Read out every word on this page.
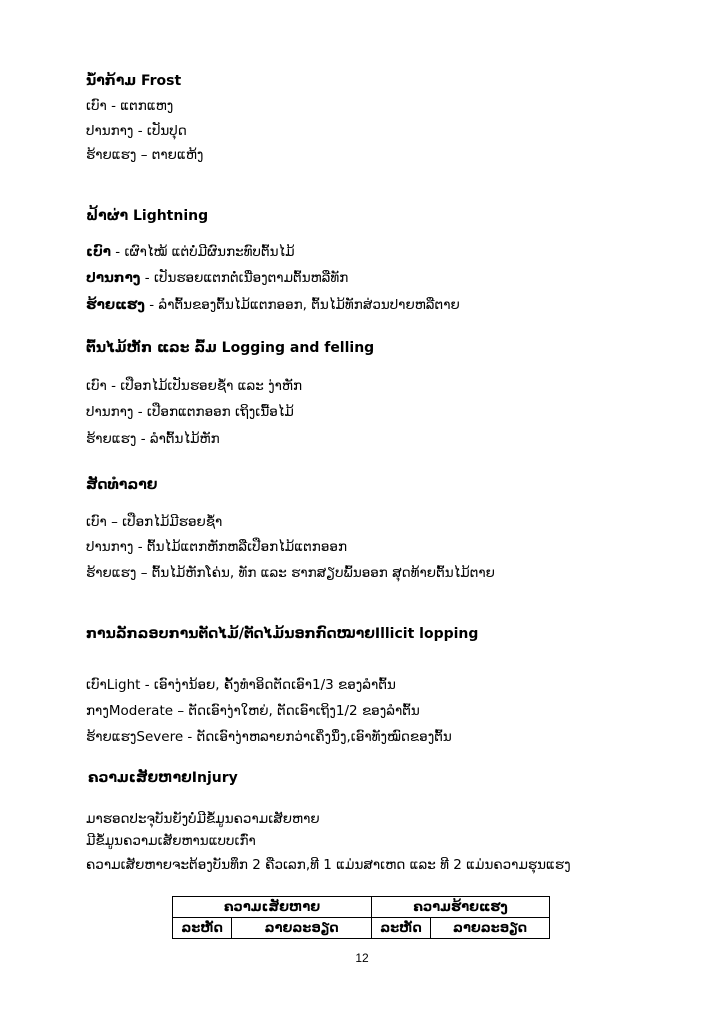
ນ້ຳກ້າມ Frost
ເບົາ - ແຕກແຫງ
ປານກາງ - ເປັນປຸດ
ຮ້າຍແຮງ – ຕາຍແຫ້ງ
ຟ້າຜ່າ Lightning
ເບົາ - ເຜົາໄໝ້ ແຕ່ບໍ່ມີຜົນກະທົບຕົ້ນໄມ້
ປານກາງ - ເປັນຮອຍແຕກຕໍ່ເນື່ອງຕາມຕົ້ນຫລືທັກ
ຮ້າຍແຮງ - ລຳຕົ້ນຂອງຕົ້ນໄມ້ແຕກອອກ, ຕົ້ນໄມ້ທັກສ່ວນປາຍຫລືຕາຍ
ຕົ້ນໄມ້ຫັກ ແລະ ລົ້ມ Logging and felling
ເບົາ - ເປືອກໄມ້ເປັນຮອຍຊ້ຳ ແລະ ງ່າຫັກ
ປານກາງ - ເປືອກແຕກອອກ ເຖິງເນື້ອໄມ້
ຮ້າຍແຮງ - ລຳຕົ້ນໄມ້ຫັກ
ສັດທຳລາຍ
ເບົາ – ເປືອກໄມ້ມີຮອຍຊ້ຳ
ປານກາງ - ຕົ້ນໄມ້ແຕກຫັກຫລືເປືອກໄມ້ແຕກອອກ
ຮ້າຍແຮງ – ຕົ້ນໄມ້ຫັກໂຄ່ນ, ທັກ ແລະ ຮາກສຽບພົ້ນອອກ ສຸດທ້າຍຕົ້ນໄມ້ຕາຍ
ການລັກລອບການຕັດໄມ້/ຕັດໄມ້ນອກກົດໝາຍIllicit lopping
ເບົາLight - ເອົາງ່ານ້ອຍ, ຄັ້ງທຳອິດຕັດເອົາ1/3 ຂອງລຳຕົ້ນ
ກາງModerate – ຕັດເອົາງ່າໃຫຍ່, ຕັດເອົາເຖິງ1/2 ຂອງລຳຕົ້ນ
ຮ້າຍແຮງSevere - ຕັດເອົາງ່າຫລາຍກວ່າເຄິ່ງນຶ່ງ,ເອົາທັງໝົດຂອງຕົ້ນ
ຄວາມເສັຍຫາຍInjury
ມາຮອດປະຈຸບັນຍັງບໍ່ມີຂໍ້ມູນຄວາມເສັຍຫາຍ
ມີຂໍ້ມູນຄວາມເສັຍຫານແບບເກົ່າ
ຄວາມເສັຍຫາຍຈະຕ້ອງບັນທຶກ 2 ຄືວເລກ,ທີ 1 ແມ່ນສາເຫດ ແລະ ທີ 2 ແມ່ນຄວາມຮຸນແຮງ
ຄວາມເສັຍຫາຍ		ຄວາມຮ້າຍແຮງ	
ລະຫັດ	ລາຍລະອຽດ	ລະຫັດ	ລາຍລະອຽດ
12
